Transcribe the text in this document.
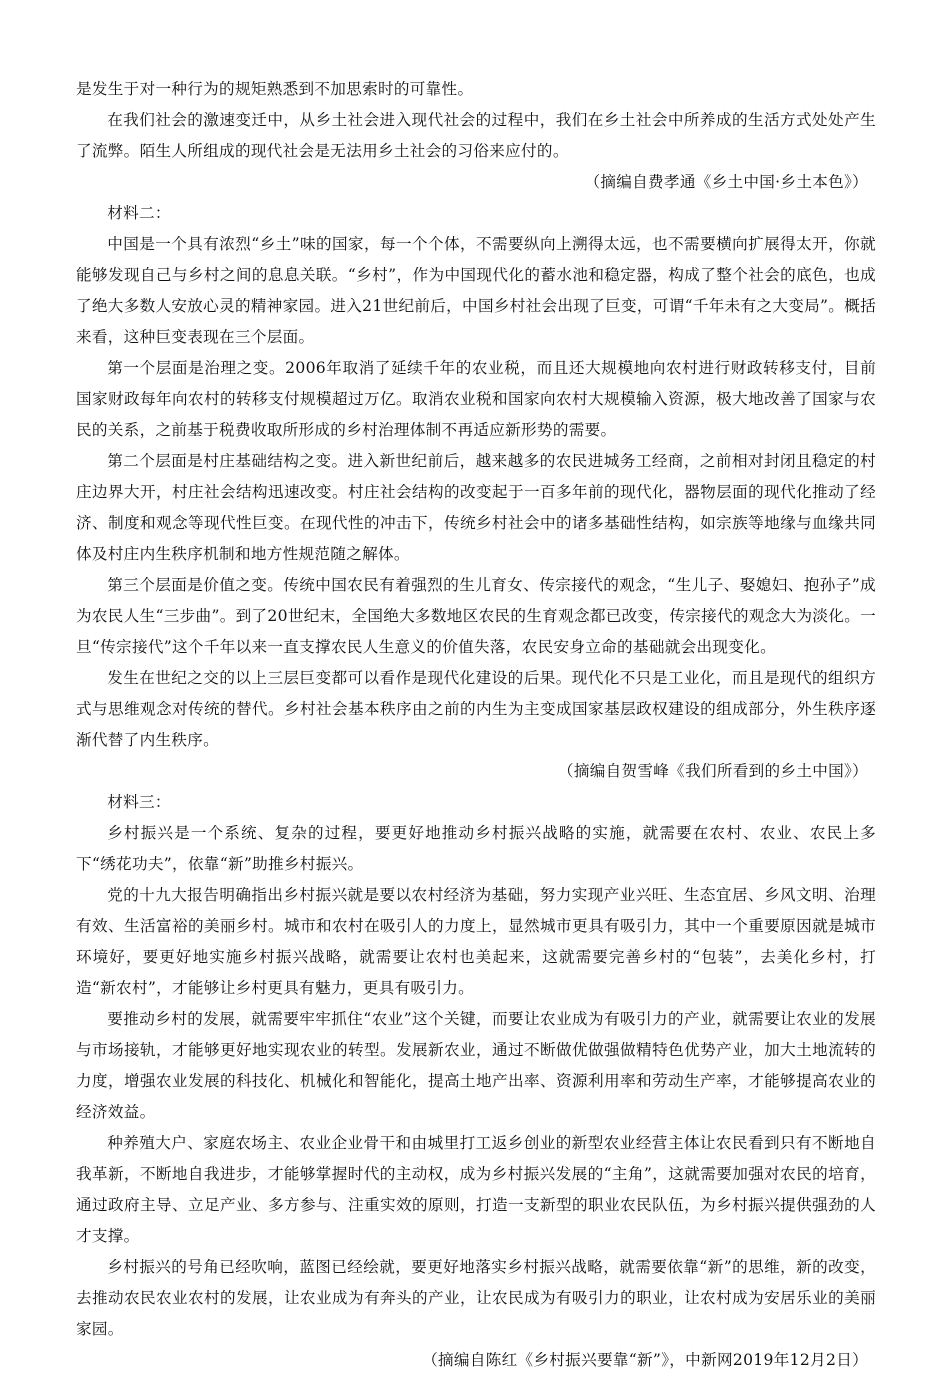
是发生于对一种行为的规矩熟悉到不加思索时的可靠性。

在我们社会的激速变迁中，从乡土社会进入现代社会的过程中，我们在乡土社会中所养成的生活方式处处产生了流弊。陌生人所组成的现代社会是无法用乡土社会的习俗来应付的。

（摘编自费孝通《乡土中国·乡土本色》）

材料二：

中国是一个具有浓烈“乡土”味的国家，每一个个体，不需要纵向上溯得太远，也不需要横向扩展得太开，你就能够发现自己与乡村之间的息息关联。“乡村”，作为中国现代化的蓄水池和稳定器，构成了整个社会的底色，也成了绝大多数人安放心灵的精神家园。进入21世纪前后，中国乡村社会出现了巨变，可谓“千年未有之大变局”。概括来看，这种巨变表现在三个层面。

第一个层面是治理之变。2006年取消了延续千年的农业税，而且还大规模地向农村进行财政转移支付，目前国家财政每年向农村的转移支付规模超过万亿。取消农业税和国家向农村大规模输入资源，极大地改善了国家与农民的关系，之前基于税费收取所形成的乡村治理体制不再适应新形势的需要。

第二个层面是村庄基础结构之变。进入新世纪前后，越来越多的农民进城务工经商，之前相对封闭且稳定的村庄边界大开，村庄社会结构迅速改变。村庄社会结构的改变起于一百多年前的现代化，器物层面的现代化推动了经济、制度和观念等现代性巨变。在现代性的冲击下，传统乡村社会中的诸多基础性结构，如宗族等地缘与血缘共同体及村庄内生秩序机制和地方性规范随之解体。

第三个层面是价值之变。传统中国农民有着强烈的生儿育女、传宗接代的观念，“生儿子、娶媳妇、抱孙子”成为农民人生“三步曲”。到了20世纪末，全国绝大多数地区农民的生育观念都已改变，传宗接代的观念大为淡化。一旦“传宗接代”这个千年以来一直支撑农民人生意义的价值失落，农民安身立命的基础就会出现变化。

发生在世纪之交的以上三层巨变都可以看作是现代化建设的后果。现代化不只是工业化，而且是现代的组织方式与思维观念对传统的替代。乡村社会基本秩序由之前的内生为主变成国家基层政权建设的组成部分，外生秩序逐渐代替了内生秩序。

（摘编自贺雪峰《我们所看到的乡土中国》）

材料三：

乡村振兴是一个系统、复杂的过程，要更好地推动乡村振兴战略的实施，就需要在农村、农业、农民上多下“绣花功夫”，依靠“新”助推乡村振兴。

党的十九大报告明确指出乡村振兴就是要以农村经济为基础，努力实现产业兴旺、生态宜居、乡风文明、治理有效、生活富裕的美丽乡村。城市和农村在吸引人的力度上，显然城市更具有吸引力，其中一个重要原因就是城市环境好，要更好地实施乡村振兴战略，就需要让农村也美起来，这就需要完善乡村的“包装”，去美化乡村，打造“新农村”，才能够让乡村更具有魅力，更具有吸引力。

要推动乡村的发展，就需要牢牢抓住“农业”这个关键，而要让农业成为有吸引力的产业，就需要让农业的发展与市场接轨，才能够更好地实现农业的转型。发展新农业，通过不断做优做强做精特色优势产业，加大土地流转的力度，增强农业发展的科技化、机械化和智能化，提高土地产出率、资源利用率和劳动生产率，才能够提高农业的经济效益。

种养殖大户、家庭农场主、农业企业骨干和由城里打工返乡创业的新型农业经营主体让农民看到只有不断地自我革新，不断地自我进步，才能够掌握时代的主动权，成为乡村振兴发展的“主角”，这就需要加强对农民的培育，通过政府主导、立足产业、多方参与、注重实效的原则，打造一支新型的职业农民队伍，为乡村振兴提供强劲的人才支撑。

乡村振兴的号角已经吹响，蓝图已经绘就，要更好地落实乡村振兴战略，就需要依靠“新”的思维，新的改变，去推动农民农业农村的发展，让农业成为有奔头的产业，让农民成为有吸引力的职业，让农村成为安居乐业的美丽家园。

（摘编自陈红《乡村振兴要靠“新”》，中新网2019年12月2日）
